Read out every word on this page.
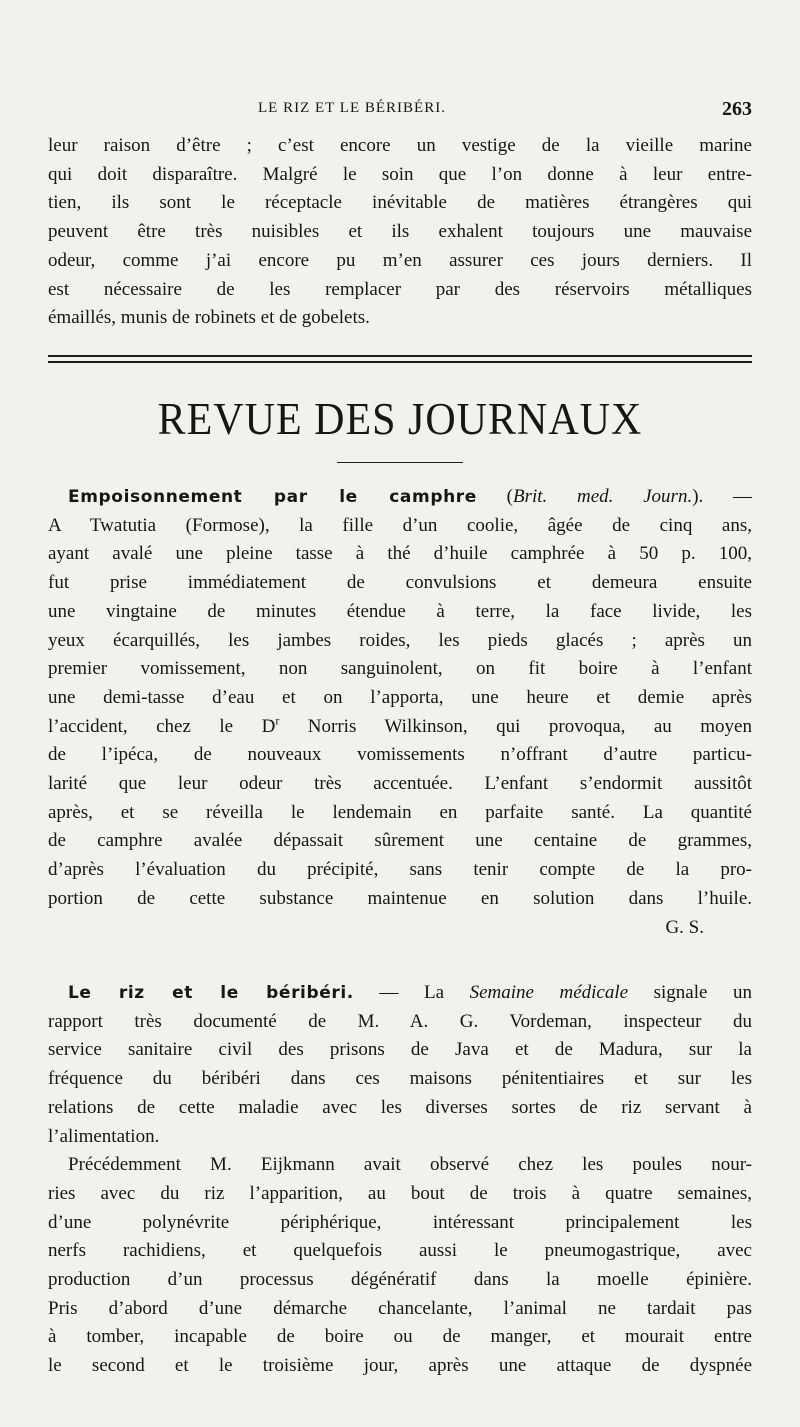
LE RIZ ET LE BÉRIBÉRI.	263
leur raison d’être ; c’est encore un vestige de la vieille marine
qui doit disparaître. Malgré le soin que l’on donne à leur entre-
tien, ils sont le réceptacle inévitable de matières étrangères qui
peuvent être très nuisibles et ils exhalent toujours une mauvaise
odeur, comme j’ai encore pu m’en assurer ces jours derniers. Il
est nécessaire de les remplacer par des réservoirs métalliques
émaillés, munis de robinets et de gobelets.
REVUE DES JOURNAUX
Empoisonnement par le camphre (Brit. med. Journ.). —
A Twatutia (Formose), la fille d’un coolie, âgée de cinq ans,
ayant avalé une pleine tasse à thé d’huile camphrée à 50 p. 100,
fut prise immédiatement de convulsions et demeura ensuite
une vingtaine de minutes étendue à terre, la face livide, les
yeux écarquillés, les jambes roides, les pieds glacés ; après un
premier vomissement, non sanguinolent, on fit boire à l’enfant
une demi-tasse d’eau et on l’apporta, une heure et demie après
l’accident, chez le $D^r$ Norris Wilkinson, qui provoqua, au moyen
de l’ipéca, de nouveaux vomissements n’offrant d’autre particu-
larité que leur odeur très accentuée. L’enfant s’endormit aussitôt
après, et se réveilla le lendemain en parfaite santé. La quantité
de camphre avalée dépassait sûrement une centaine de grammes,
d’après l’évaluation du précipité, sans tenir compte de la pro-
portion de cette substance maintenue en solution dans l’huile.
G. S.
Le riz et le béribéri. — La Semaine médicale signale un
rapport très documenté de M. A. G. Vordeman, inspecteur du
service sanitaire civil des prisons de Java et de Madura, sur la
fréquence du béribéri dans ces maisons pénitentiaires et sur les
relations de cette maladie avec les diverses sortes de riz servant à
l’alimentation.
Précédemment M. Eijkmann avait observé chez les poules nour-
ries avec du riz l’apparition, au bout de trois à quatre semaines,
d’une polynévrite périphérique, intéressant principalement les
nerfs rachidiens, et quelquefois aussi le pneumogastrique, avec
production d’un processus dégénératif dans la moelle épinière.
Pris d’abord d’une démarche chancelante, l’animal ne tardait pas
à tomber, incapable de boire ou de manger, et mourait entre
le second et le troisième jour, après une attaque de dyspnée
